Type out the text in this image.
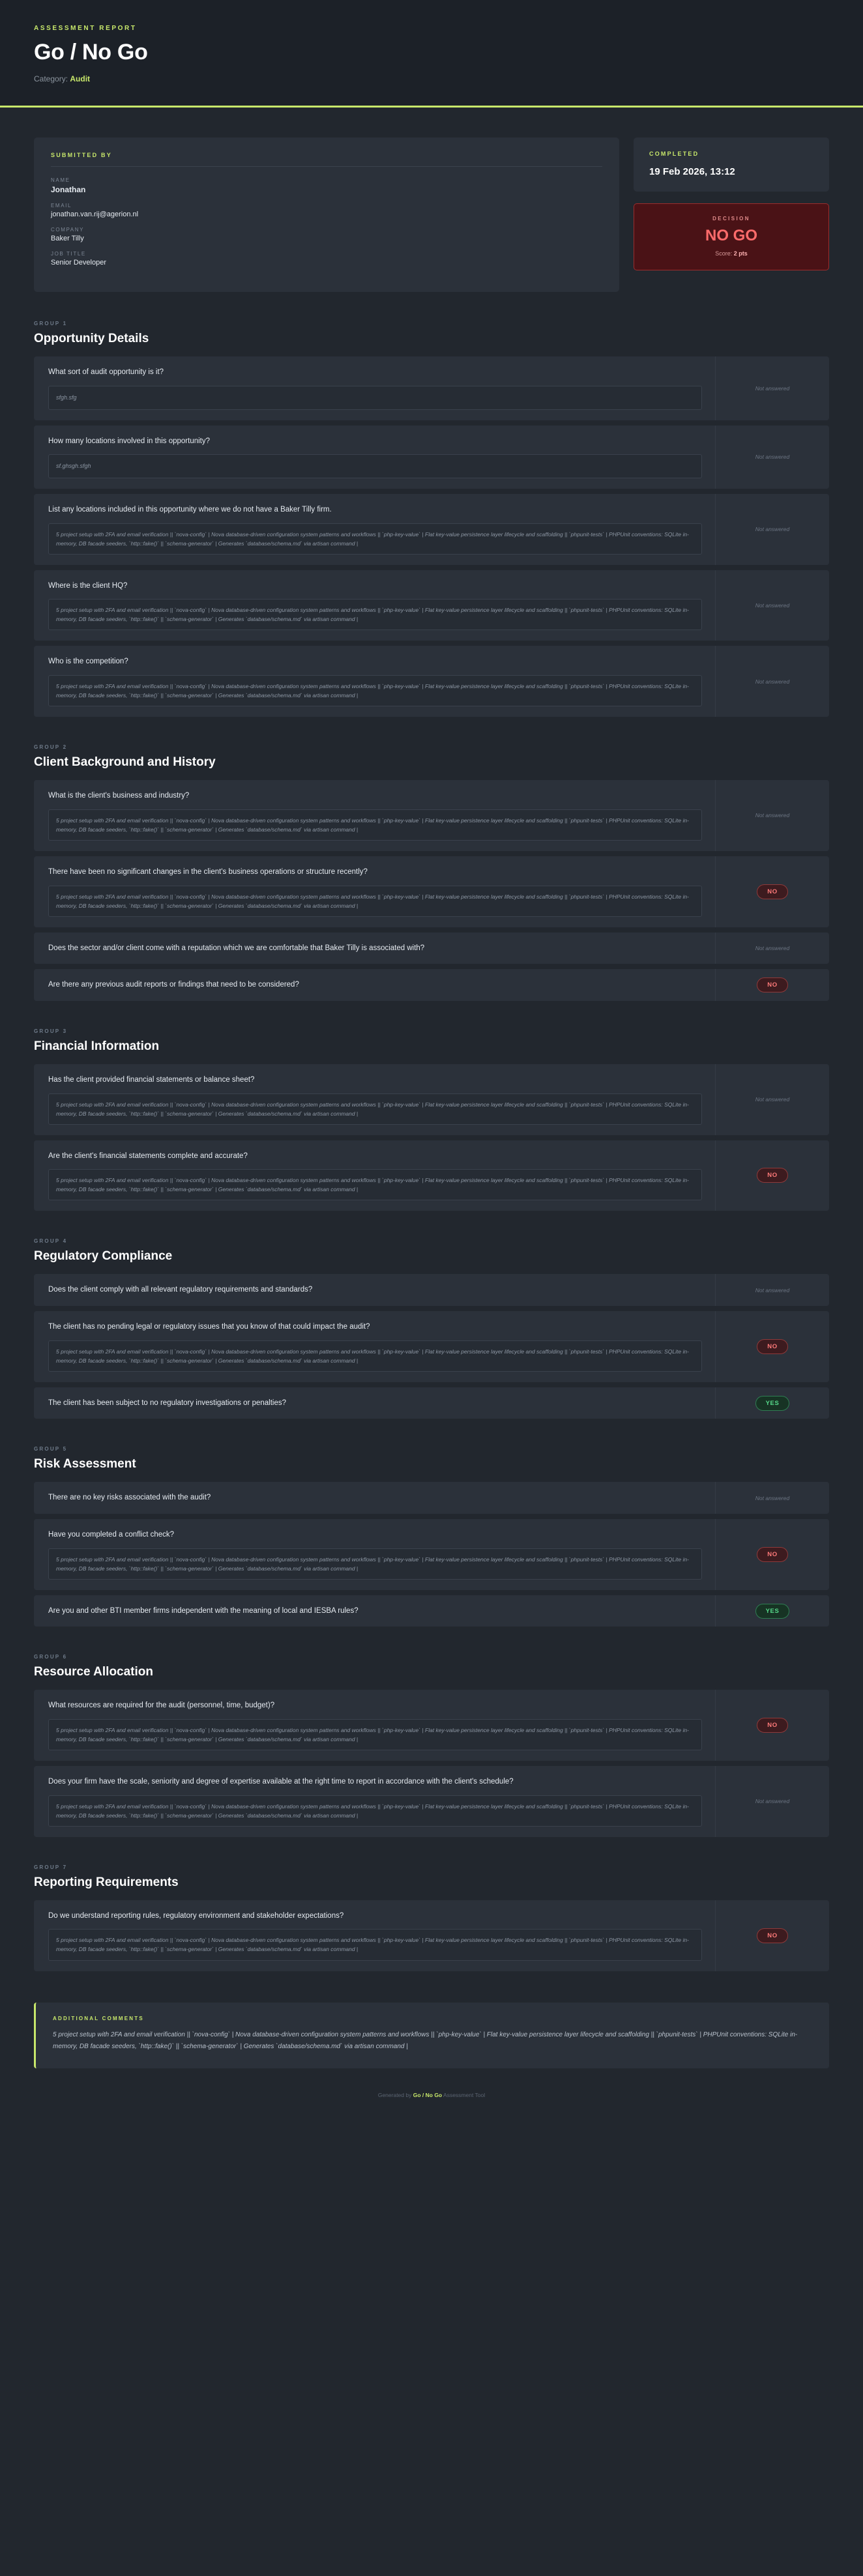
ASSESSMENT REPORT
Go / No Go
Category: Audit
SUBMITTED BY
NAME
Jonathan
EMAIL
jonathan.van.rij@agerion.nl
COMPANY
Baker Tilly
JOB TITLE
Senior Developer
COMPLETED
19 Feb 2026, 13:12
DECISION
NO GO
Score: 2 pts
GROUP 1
Opportunity Details
What sort of audit opportunity is it?
sfgh.sfg
Not answered
How many locations involved in this opportunity?
sf.ghsgh.sfgh
Not answered
List any locations included in this opportunity where we do not have a Baker Tilly firm.
5 project setup with 2FA and email verification || `nova-config` | Nova database-driven configuration system patterns and workflows || `php-key-value` | Flat key-value persistence layer lifecycle and scaffolding || `phpunit-tests` | PHPUnit conventions: SQLite in-memory, DB facade seeders, `http::fake()` || `schema-generator` | Generates `database/schema.md` via artisan command |
Not answered
Where is the client HQ?
5 project setup with 2FA and email verification || `nova-config` | Nova database-driven configuration system patterns and workflows || `php-key-value` | Flat key-value persistence layer lifecycle and scaffolding || `phpunit-tests` | PHPUnit conventions: SQLite in-memory, DB facade seeders, `http::fake()` || `schema-generator` | Generates `database/schema.md` via artisan command |
Not answered
Who is the competition?
5 project setup with 2FA and email verification || `nova-config` | Nova database-driven configuration system patterns and workflows || `php-key-value` | Flat key-value persistence layer lifecycle and scaffolding || `phpunit-tests` | PHPUnit conventions: SQLite in-memory, DB facade seeders, `http::fake()` || `schema-generator` | Generates `database/schema.md` via artisan command |
Not answered
GROUP 2
Client Background and History
What is the client's business and industry?
5 project setup with 2FA and email verification || `nova-config` | Nova database-driven configuration system patterns and workflows || `php-key-value` | Flat key-value persistence layer lifecycle and scaffolding || `phpunit-tests` | PHPUnit conventions: SQLite in-memory, DB facade seeders, `http::fake()` || `schema-generator` | Generates `database/schema.md` via artisan command |
Not answered
There have been no significant changes in the client's business operations or structure recently?
5 project setup with 2FA and email verification || `nova-config` | Nova database-driven configuration system patterns and workflows || `php-key-value` | Flat key-value persistence layer lifecycle and scaffolding || `phpunit-tests` | PHPUnit conventions: SQLite in-memory, DB facade seeders, `http::fake()` || `schema-generator` | Generates `database/schema.md` via artisan command |
NO
Does the sector and/or client come with a reputation which we are comfortable that Baker Tilly is associated with?	Not answered
Are there any previous audit reports or findings that need to be considered?	NO
GROUP 3
Financial Information
Has the client provided financial statements or balance sheet?
5 project setup with 2FA and email verification || `nova-config` | Nova database-driven configuration system patterns and workflows || `php-key-value` | Flat key-value persistence layer lifecycle and scaffolding || `phpunit-tests` | PHPUnit conventions: SQLite in-memory, DB facade seeders, `http::fake()` || `schema-generator` | Generates `database/schema.md` via artisan command |
Not answered
Are the client's financial statements complete and accurate?
5 project setup with 2FA and email verification || `nova-config` | Nova database-driven configuration system patterns and workflows || `php-key-value` | Flat key-value persistence layer lifecycle and scaffolding || `phpunit-tests` | PHPUnit conventions: SQLite in-memory, DB facade seeders, `http::fake()` || `schema-generator` | Generates `database/schema.md` via artisan command |
NO
GROUP 4
Regulatory Compliance
Does the client comply with all relevant regulatory requirements and standards?	Not answered
The client has no pending legal or regulatory issues that you know of that could impact the audit?
5 project setup with 2FA and email verification || `nova-config` | Nova database-driven configuration system patterns and workflows || `php-key-value` | Flat key-value persistence layer lifecycle and scaffolding || `phpunit-tests` | PHPUnit conventions: SQLite in-memory, DB facade seeders, `http::fake()` || `schema-generator` | Generates `database/schema.md` via artisan command |
NO
The client has been subject to no regulatory investigations or penalties?	YES
GROUP 5
Risk Assessment
There are no key risks associated with the audit?	Not answered
Have you completed a conflict check?
5 project setup with 2FA and email verification || `nova-config` | Nova database-driven configuration system patterns and workflows || `php-key-value` | Flat key-value persistence layer lifecycle and scaffolding || `phpunit-tests` | PHPUnit conventions: SQLite in-memory, DB facade seeders, `http::fake()` || `schema-generator` | Generates `database/schema.md` via artisan command |
NO
Are you and other BTI member firms independent with the meaning of local and IESBA rules?	YES
GROUP 6
Resource Allocation
What resources are required for the audit (personnel, time, budget)?
5 project setup with 2FA and email verification || `nova-config` | Nova database-driven configuration system patterns and workflows || `php-key-value` | Flat key-value persistence layer lifecycle and scaffolding || `phpunit-tests` | PHPUnit conventions: SQLite in-memory, DB facade seeders, `http::fake()` || `schema-generator` | Generates `database/schema.md` via artisan command |
NO
Does your firm have the scale, seniority and degree of expertise available at the right time to report in accordance with the client's schedule?
5 project setup with 2FA and email verification || `nova-config` | Nova database-driven configuration system patterns and workflows || `php-key-value` | Flat key-value persistence layer lifecycle and scaffolding || `phpunit-tests` | PHPUnit conventions: SQLite in-memory, DB facade seeders, `http::fake()` || `schema-generator` | Generates `database/schema.md` via artisan command |
Not answered
GROUP 7
Reporting Requirements
Do we understand reporting rules, regulatory environment and stakeholder expectations?
5 project setup with 2FA and email verification || `nova-config` | Nova database-driven configuration system patterns and workflows || `php-key-value` | Flat key-value persistence layer lifecycle and scaffolding || `phpunit-tests` | PHPUnit conventions: SQLite in-memory, DB facade seeders, `http::fake()` || `schema-generator` | Generates `database/schema.md` via artisan command |
NO
ADDITIONAL COMMENTS
5 project setup with 2FA and email verification || `nova-config` | Nova database-driven configuration system patterns and workflows || `php-key-value` | Flat key-value persistence layer lifecycle and scaffolding || `phpunit-tests` | PHPUnit conventions: SQLite in-memory, DB facade seeders, `http::fake()` || `schema-generator` | Generates `database/schema.md` via artisan command |
Generated by Go / No Go Assessment Tool
